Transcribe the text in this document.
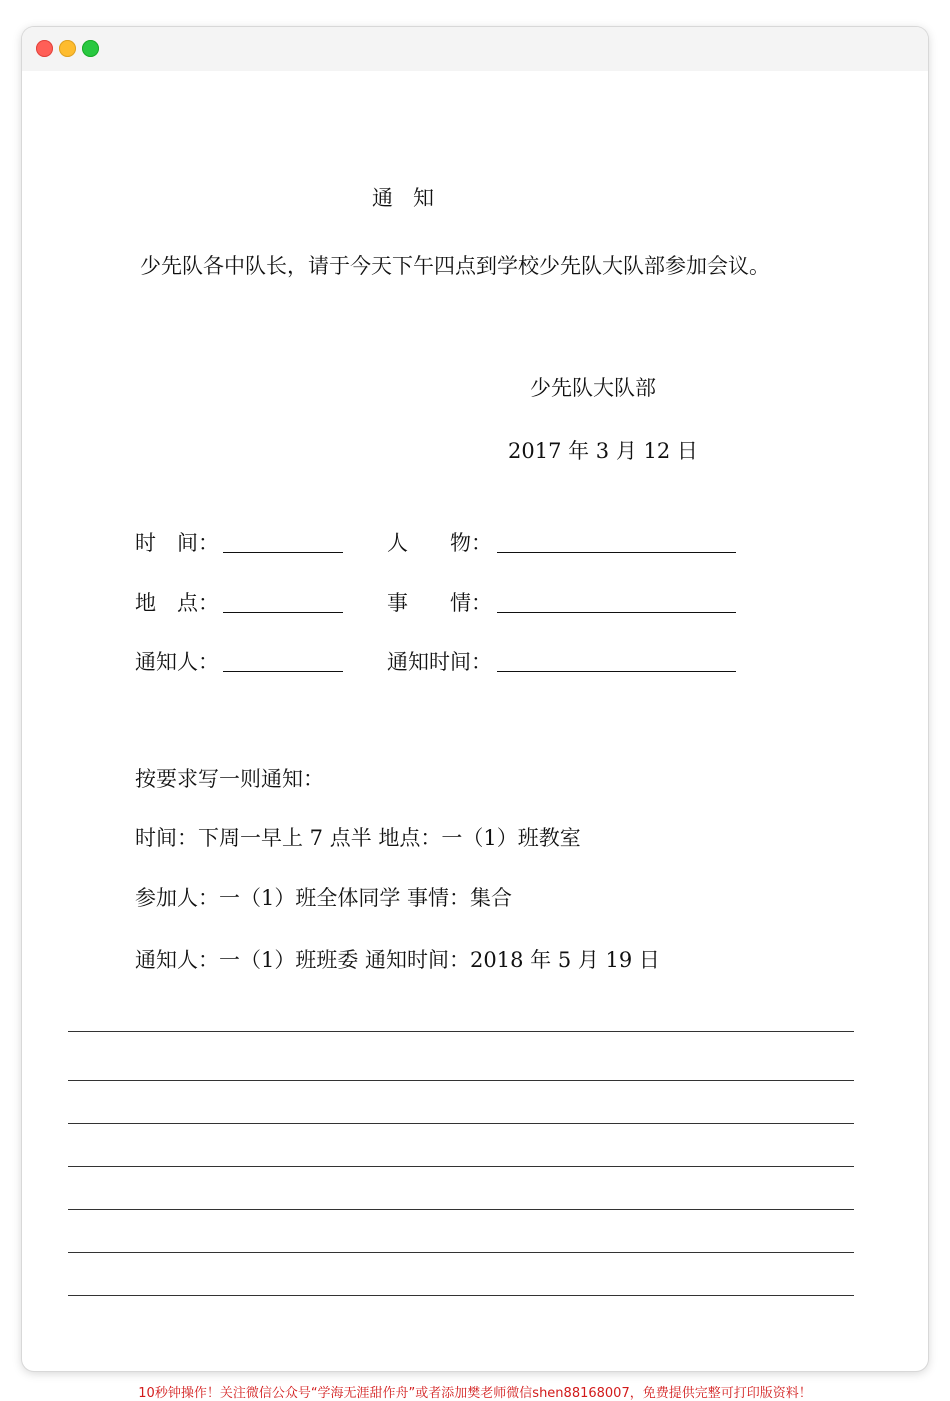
通知
少先队各中队长，请于今天下午四点到学校少先队大队部参加会议。
少先队大队部
2017 年 3 月 12 日
时　间：	人　　物：
地　点：	事　　情：
通知人：	通知时间：
按要求写一则通知：
时间：下周一早上 7 点半 地点：一（1）班教室
参加人：一（1）班全体同学 事情：集合
通知人：一（1）班班委 通知时间：2018 年 5 月 19 日
10秒钟操作！关注微信公众号“学海无涯甜作舟”或者添加樊老师微信shen88168007，免费提供完整可打印版资料！
